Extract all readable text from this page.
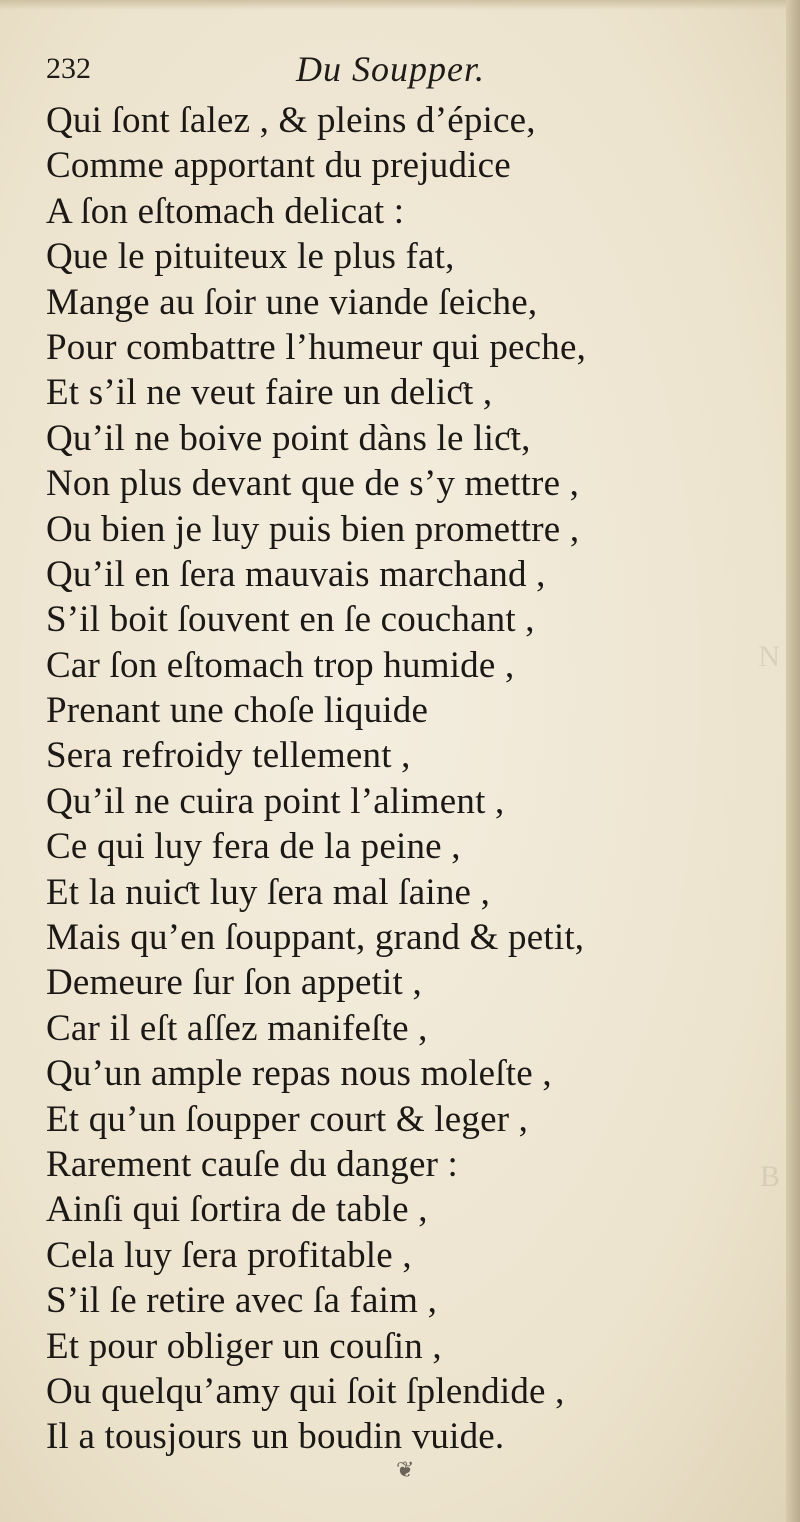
N
B
232	Du Soupper.
Qui ſont ſalez , & pleins d’épice,
Comme apportant du prejudice
A ſon eſtomach delicat :
Que le pituiteux le plus fat,
Mange au ſoir une viande ſeiche,
Pour combattre l’humeur qui peche,
Et s’il ne veut faire un deliƈt ,
Qu’il ne boive point dàns le liƈt,
Non plus devant que de s’y mettre ,
Ou bien je luy puis bien promettre ,
Qu’il en ſera mauvais marchand ,
S’il boit ſouvent en ſe couchant ,
Car ſon eſtomach trop humide ,
Prenant une choſe liquide
Sera refroidy tellement ,
Qu’il ne cuira point l’aliment ,
Ce qui luy fera de la peine ,
Et la nuiƈt luy ſera mal ſaine ,
Mais qu’en ſouppant, grand & petit,
Demeure ſur ſon appetit ,
Car il eſt aſſez manifeſte ,
Qu’un ample repas nous moleſte ,
Et qu’un ſoupper court & leger ,
Rarement cauſe du danger :
Ainſi qui ſortira de table ,
Cela luy ſera profitable ,
S’il ſe retire avec ſa faim ,
Et pour obliger un couſin ,
Ou quelqu’amy qui ſoit ſplendide ,
Il a tousjours un boudin vuide.
❦
